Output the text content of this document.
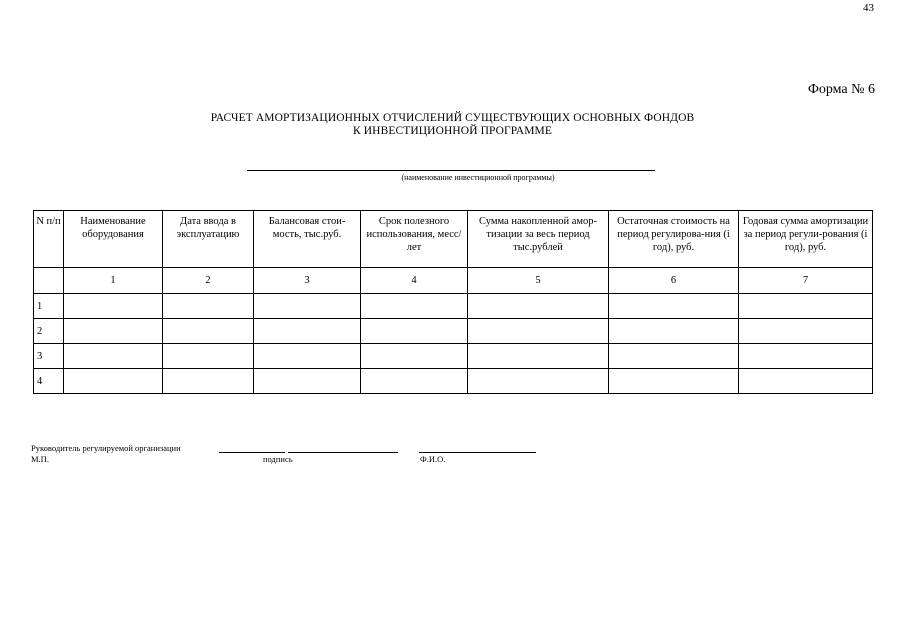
43
Форма № 6
РАСЧЕТ АМОРТИЗАЦИОННЫХ ОТЧИСЛЕНИЙ СУЩЕСТВУЮЩИХ ОСНОВНЫХ ФОНДОВ
К ИНВЕСТИЦИОННОЙ ПРОГРАММЕ
(наименование инвестиционной программы)
N п/п	Наименование оборудования	Дата ввода в эксплуатацию	Балансовая стои-мость, тыс.руб.	Срок полезного использования, месс/лет	Сумма накопленной амор-тизации за весь период тыс.рублей	Остаточная стоимость на период регулирова-ния (i год), руб.	Годовая сумма амортизации за период регули-рования (i год), руб.
	1	2	3	4	5	6	7
1							
2							
3							
4							
Руководитель регулируемой организации
М.П.	подпись	Ф.И.О.
